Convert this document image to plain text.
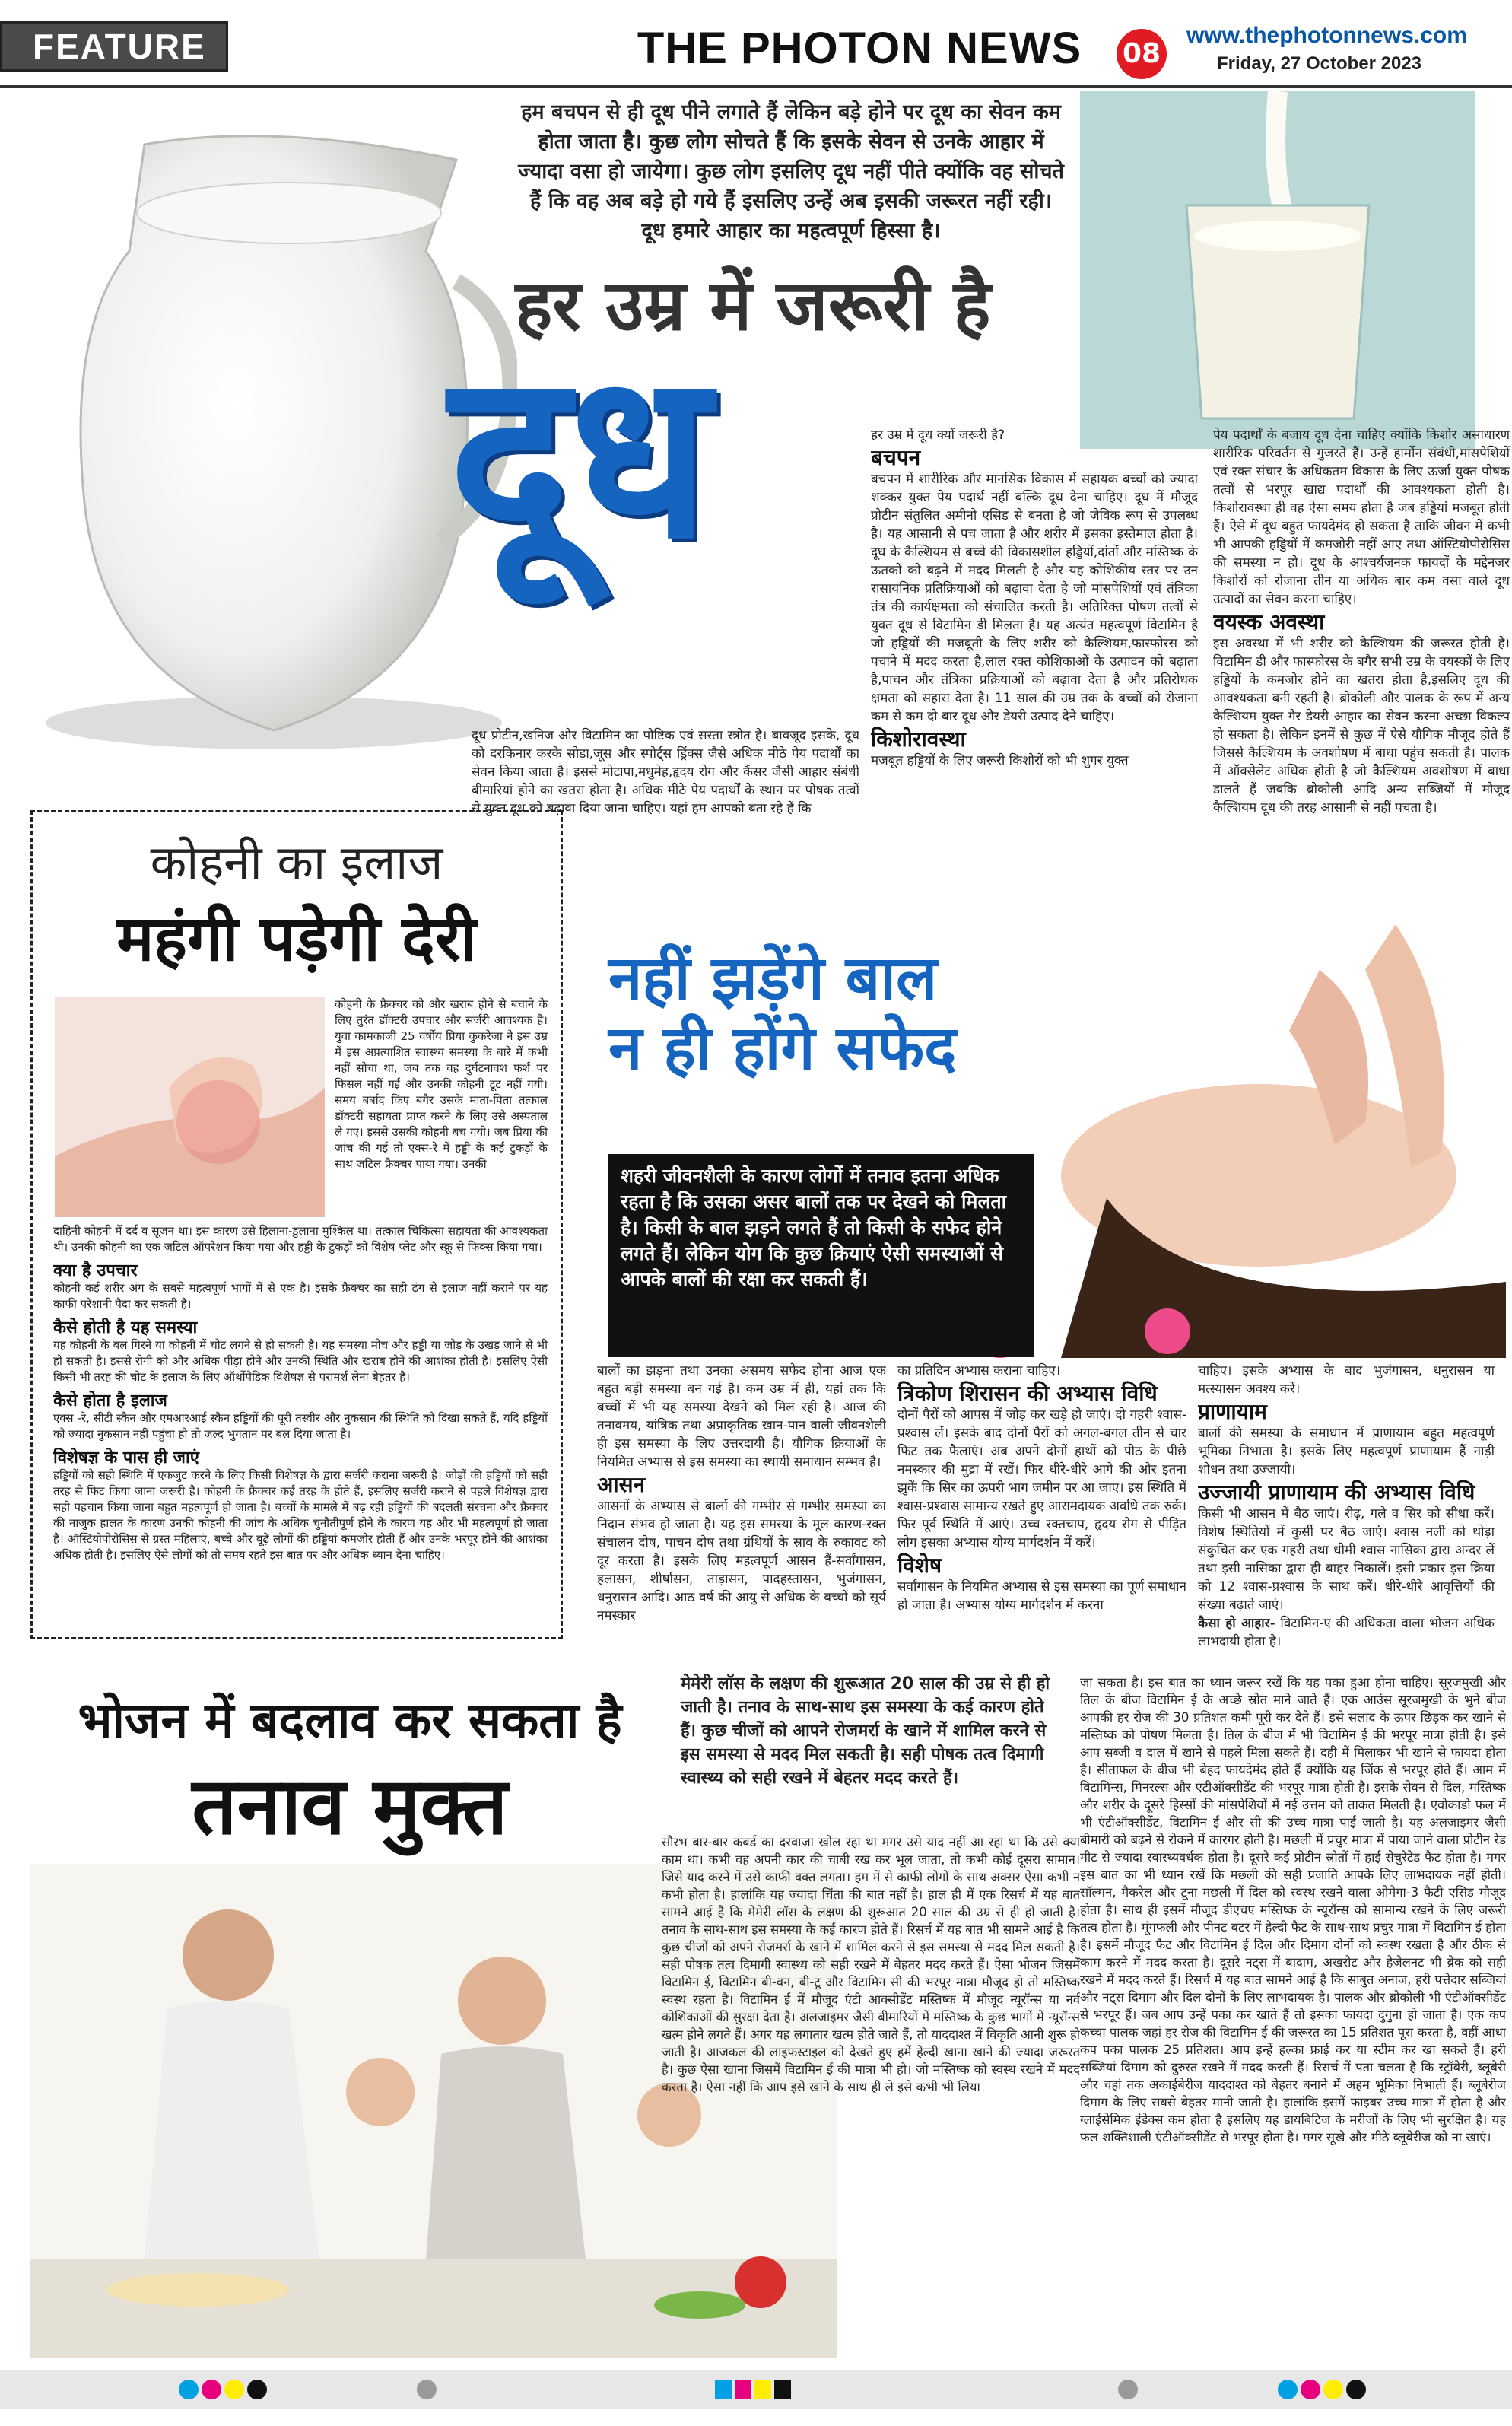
FEATURE	THE PHOTON NEWS	08
www.thephotonnews.com
Friday, 27 October 2023
हम बचपन से ही दूध पीने लगाते हैं लेकिन बड़े होने पर दूध का सेवन कम होता जाता है। कुछ लोग सोचते हैं कि इसके सेवन से उनके आहार में ज्यादा वसा हो जायेगा। कुछ लोग इसलिए दूध नहीं पीते क्योंकि वह सोचते हैं कि वह अब बड़े हो गये हैं इसलिए उन्हें अब इसकी जरूरत नहीं रही। दूध हमारे आहार का महत्वपूर्ण हिस्सा है।
हर उम्र में जरूरी है
दूध
दूध प्रोटीन,खनिज और विटामिन का पौष्टिक एवं सस्ता स्त्रोत है। बावजूद इसके, दूध को दरकिनार करके सोडा,जूस और स्पोर्ट्स ड्रिंक्स जैसे अधिक मीठे पेय पदार्थों का सेवन किया जाता है। इससे मोटापा,मधुमेह,हृदय रोग और कैंसर जैसी आहार संबंधी बीमारियां होने का खतरा होता है। अधिक मीठे पेय पदार्थों के स्थान पर पोषक तत्वों से युक्त दूध को बढ़ावा दिया जाना चाहिए। यहां हम आपको बता रहे हैं कि
हर उम्र में दूध क्यों जरूरी है?
बचपन
बचपन में शारीरिक और मानसिक विकास में सहायक बच्चों को ज्यादा शक्कर युक्त पेय पदार्थ नहीं बल्कि दूध देना चाहिए। दूध में मौजूद प्रोटीन संतुलित अमीनो एसिड से बनता है जो जैविक रूप से उपलब्ध है। यह आसानी से पच जाता है और शरीर में इसका इस्तेमाल होता है। दूध के कैल्शियम से बच्चे की विकासशील हड्डियों,दांतों और मस्तिष्क के ऊतकों को बढ़ने में मदद मिलती है और यह कोशिकीय स्तर पर उन रासायनिक प्रतिक्रियाओं को बढ़ावा देता है जो मांसपेशियों एवं तंत्रिका तंत्र की कार्यक्षमता को संचालित करती है। अतिरिक्त पोषण तत्वों से युक्त दूध से विटामिन डी मिलता है। यह अत्यंत महत्वपूर्ण विटामिन है जो हड्डियों की मजबूती के लिए शरीर को कैल्शियम,फास्फोरस को पचाने में मदद करता है,लाल रक्त कोशिकाओं के उत्पादन को बढ़ाता है,पाचन और तंत्रिका प्रक्रियाओं को बढ़ावा देता है और प्रतिरोधक क्षमता को सहारा देता है। 11 साल की उम्र तक के बच्चों को रोजाना कम से कम दो बार दूध और डेयरी उत्पाद देने चाहिए।
किशोरावस्था
मजबूत हड्डियों के लिए जरूरी किशोरों को भी शुगर युक्त
पेय पदार्थों के बजाय दूध देना चाहिए क्योंकि किशोर असाधारण शारीरिक परिवर्तन से गुजरते हैं। उन्हें हार्मोन संबंधी,मांसपेशियों एवं रक्त संचार के अधिकतम विकास के लिए ऊर्जा युक्त पोषक तत्वों से भरपूर खाद्य पदार्थों की आवश्यकता होती है। किशोरावस्था ही वह ऐसा समय होता है जब हड्डियां मजबूत होती हैं। ऐसे में दूध बहुत फायदेमंद हो सकता है ताकि जीवन में कभी भी आपकी हड्डियों में कमजोरी नहीं आए तथा ऑस्टियोपोरोसिस की समस्या न हो। दूध के आश्चर्यजनक फायदों के मद्देनजर किशोरों को रोजाना तीन या अधिक बार कम वसा वाले दूध उत्पादों का सेवन करना चाहिए।
वयस्क अवस्था
इस अवस्था में भी शरीर को कैल्शियम की जरूरत होती है। विटामिन डी और फास्फोरस के बगैर सभी उम्र के वयस्कों के लिए हड्डियों के कमजोर होने का खतरा होता है,इसलिए दूध की आवश्यकता बनी रहती है। ब्रोकोली और पालक के रूप में अन्य कैल्शियम युक्त गैर डेयरी आहार का सेवन करना अच्छा विकल्प हो सकता है। लेकिन इनमें से कुछ में ऐसे यौगिक मौजूद होते हैं जिससे कैल्शियम के अवशोषण में बाधा पहुंच सकती है। पालक में ऑक्सेलेट अधिक होती है जो कैल्शियम अवशोषण में बाधा डालते हैं जबकि ब्रोकोली आदि अन्य सब्जियों में मौजूद कैल्शियम दूध की तरह आसानी से नहीं पचता है।
कोहनी का इलाज
महंगी पड़ेगी देरी
कोहनी के फ्रैक्चर को और खराब होने से बचाने के लिए तुरंत डॉक्टरी उपचार और सर्जरी आवश्यक है। युवा कामकाजी 25 वर्षीय प्रिया कुकरेजा ने इस उम्र में इस अप्रत्याशित स्वास्थ्य समस्या के बारे में कभी नहीं सोचा था, जब तक वह दुर्घटनावश फर्श पर फिसल नहीं गई और उनकी कोहनी टूट नहीं गयी। समय बर्बाद किए बगैर उसके माता-पिता तत्काल डॉक्टरी सहायता प्राप्त करने के लिए उसे अस्पताल ले गए। इससे उसकी कोहनी बच गयी। जब प्रिया की जांच की गई तो एक्स-रे में हड्डी के कई टुकड़ों के साथ जटिल फ्रैक्चर पाया गया। उनकी
दाहिनी कोहनी में दर्द व सूजन था। इस कारण उसे हिलाना-डुलाना मुश्किल था। तत्काल चिकित्सा सहायता की आवश्यकता थी। उनकी कोहनी का एक जटिल ऑपरेशन किया गया और हड्डी के टुकड़ों को विशेष प्लेट और स्क्रू से फिक्स किया गया।
क्या है उपचार
कोहनी कई शरीर अंग के सबसे महत्वपूर्ण भागों में से एक है। इसके फ्रैक्चर का सही ढंग से इलाज नहीं कराने पर यह काफी परेशानी पैदा कर सकती है।
कैसे होती है यह समस्या
यह कोहनी के बल गिरने या कोहनी में चोट लगने से हो सकती है। यह समस्या मोच और हड्डी या जोड़ के उखड़ जाने से भी हो सकती है। इससे रोगी को और अधिक पीड़ा होने और उनकी स्थिति और खराब होने की आशंका होती है। इसलिए ऐसी किसी भी तरह की चोट के इलाज के लिए ऑर्थोपेडिक विशेषज्ञ से परामर्श लेना बेहतर है।
कैसे होता है इलाज
एक्स -रे, सीटी स्कैन और एमआरआई स्कैन हड्डियों की पूरी तस्वीर और नुकसान की स्थिति को दिखा सकते हैं, यदि हड्डियों को ज्यादा नुकसान नहीं पहुंचा हो तो जल्द भुगतान पर बल दिया जाता है।
विशेषज्ञ के पास ही जाएं
हड्डियों को सही स्थिति में एकजुट करने के लिए किसी विशेषज्ञ के द्वारा सर्जरी कराना जरूरी है। जोड़ों की हड्डियों को सही तरह से फिट किया जाना जरूरी है। कोहनी के फ्रैक्चर कई तरह के होते हैं, इसलिए सर्जरी कराने से पहले विशेषज्ञ द्वारा सही पहचान किया जाना बहुत महत्वपूर्ण हो जाता है। बच्चों के मामले में बढ़ रही हड्डियों की बदलती संरचना और फ्रैक्चर की नाजुक हालत के कारण उनकी कोहनी की जांच के अधिक चुनौतीपूर्ण होने के कारण यह और भी महत्वपूर्ण हो जाता है। ऑस्टियोपोरोसिस से ग्रस्त महिलाएं, बच्चे और बूढ़े लोगों की हड्डियां कमजोर होती हैं और उनके भरपूर होने की आशंका अधिक होती है। इसलिए ऐसे लोगों को तो समय रहते इस बात पर और अधिक ध्यान देना चाहिए।
नहीं झड़ेंगे बाल
न ही होंगे सफेद
शहरी जीवनशैली के कारण लोगों में तनाव इतना अधिक रहता है कि उसका असर बालों तक पर देखने को मिलता है। किसी के बाल झड़ने लगते हैं तो किसी के सफेद होने लगते हैं। लेकिन योग कि कुछ क्रियाएं ऐसी समस्याओं से आपके बालों की रक्षा कर सकती हैं।
बालों का झड़ना तथा उनका असमय सफेद होना आज एक बहुत बड़ी समस्या बन गई है। कम उम्र में ही, यहां तक कि बच्चों में भी यह समस्या देखने को मिल रही है। आज की तनावमय, यांत्रिक तथा अप्राकृतिक खान-पान वाली जीवनशैली ही इस समस्या के लिए उत्तरदायी है। यौगिक क्रियाओं के नियमित अभ्यास से इस समस्या का स्थायी समाधान सम्भव है।
आसन
आसनों के अभ्यास से बालों की गम्भीर से गम्भीर समस्या का निदान संभव हो जाता है। यह इस समस्या के मूल कारण-रक्त संचालन दोष, पाचन दोष तथा ग्रंथियों के स्राव के रुकावट को दूर करता है। इसके लिए महत्वपूर्ण आसन हैं-सर्वांगासन, हलासन, शीर्षासन, ताड़ासन, पादहस्तासन, भुजंगासन, धनुरासन आदि। आठ वर्ष की आयु से अधिक के बच्चों को सूर्य नमस्कार
का प्रतिदिन अभ्यास कराना चाहिए।
त्रिकोण शिरासन की अभ्यास विधि
दोनों पैरों को आपस में जोड़ कर खड़े हो जाएं। दो गहरी श्वास-प्रश्वास लें। इसके बाद दोनों पैरों को अगल-बगल तीन से चार फिट तक फैलाएं। अब अपने दोनों हाथों को पीठ के पीछे नमस्कार की मुद्रा में रखें। फिर धीरे-धीरे आगे की ओर इतना झुकें कि सिर का ऊपरी भाग जमीन पर आ जाए। इस स्थिति में श्वास-प्रश्वास सामान्य रखते हुए आरामदायक अवधि तक रुकें। फिर पूर्व स्थिति में आएं। उच्च रक्तचाप, हृदय रोग से पीड़ित लोग इसका अभ्यास योग्य मार्गदर्शन में करें।
विशेष
सर्वांगासन के नियमित अभ्यास से इस समस्या का पूर्ण समाधान हो जाता है। अभ्यास योग्य मार्गदर्शन में करना
चाहिए। इसके अभ्यास के बाद भुजंगासन, धनुरासन या मत्स्यासन अवश्य करें।
प्राणायाम
बालों की समस्या के समाधान में प्राणायाम बहुत महत्वपूर्ण भूमिका निभाता है। इसके लिए महत्वपूर्ण प्राणायाम हैं नाड़ी शोधन तथा उज्जायी।
उज्जायी प्राणायाम की अभ्यास विधि
किसी भी आसन में बैठ जाएं। रीढ़, गले व सिर को सीधा करें। विशेष स्थितियों में कुर्सी पर बैठ जाएं। श्वास नली को थोड़ा संकुचित कर एक गहरी तथा धीमी श्वास नासिका द्वारा अन्दर लें तथा इसी नासिका द्वारा ही बाहर निकालें। इसी प्रकार इस क्रिया को 12 श्वास-प्रश्वास के साथ करें। धीरे-धीरे आवृत्तियों की संख्या बढ़ाते जाएं।
कैसा हो आहार- विटामिन-ए की अधिकता वाला भोजन अधिक लाभदायी होता है।
भोजन में बदलाव कर सकता है
तनाव मुक्त
मेमेरी लॉस के लक्षण की शुरूआत 20 साल की उम्र से ही हो जाती है। तनाव के साथ-साथ इस समस्या के कई कारण होते हैं। कुछ चीजों को आपने रोजमर्रा के खाने में शामिल करने से इस समस्या से मदद मिल सकती है। सही पोषक तत्व दिमागी स्वास्थ्य को सही रखने में बेहतर मदद करते हैं।
सौरभ बार-बार कबर्ड का दरवाजा खोल रहा था मगर उसे याद नहीं आ रहा था कि उसे क्या काम था। कभी वह अपनी कार की चाबी रख कर भूल जाता, तो कभी कोई दूसरा सामान। जिसे याद करने में उसे काफी वक्त लगता। हम में से काफी लोगों के साथ अक्सर ऐसा कभी न कभी होता है। हालांकि यह ज्यादा चिंता की बात नहीं है। हाल ही में एक रिसर्च में यह बात सामने आई है कि मेमेरी लॉस के लक्षण की शुरूआत 20 साल की उम्र से ही हो जाती है। तनाव के साथ-साथ इस समस्या के कई कारण होते हैं। रिसर्च में यह बात भी सामने आई है कि कुछ चीजों को अपने रोजमर्रा के खाने में शामिल करने से इस समस्या से मदद मिल सकती है। सही पोषक तत्व दिमागी स्वास्थ्य को सही रखने में बेहतर मदद करते हैं। ऐसा भोजन जिसमें विटामिन ई, विटामिन बी-वन, बी-टू और विटामिन सी की भरपूर मात्रा मौजूद हो तो मस्तिष्क स्वस्थ रहता है। विटामिन ई में मौजूद एंटी आक्सीडेंट मस्तिष्क में मौजूद न्यूरॉन्स या नर्व कोशिकाओं की सुरक्षा देता है। अलजाइमर जैसी बीमारियों में मस्तिष्क के कुछ भागों में न्यूरॉन्स खत्म होने लगते हैं। अगर यह लगातार खत्म होते जाते हैं, तो याददाश्त में विकृति आनी शुरू हो जाती है। आजकल की लाइफस्टाइल को देखते हुए हमें हेल्दी खाना खाने की ज्यादा जरूरत है। कुछ ऐसा खाना जिसमें विटामिन ई की मात्रा भी हो। जो मस्तिष्क को स्वस्थ रखने में मदद करता है। ऐसा नहीं कि आप इसे खाने के साथ ही ले इसे कभी भी लिया
जा सकता है। इस बात का ध्यान जरूर रखें कि यह पका हुआ होना चाहिए। सूरजमुखी और तिल के बीज विटामिन ई के अच्छे स्रोत माने जाते हैं। एक आउंस सूरजमुखी के भुने बीज आपकी हर रोज की 30 प्रतिशत कमी पूरी कर देते हैं। इसे सलाद के ऊपर छिड़क कर खाने से मस्तिष्क को पोषण मिलता है। तिल के बीज में भी विटामिन ई की भरपूर मात्रा होती है। इसे आप सब्जी व दाल में खाने से पहले मिला सकते हैं। दही में मिलाकर भी खाने से फायदा होता है। सीताफल के बीज भी बेहद फायदेमंद होते हैं क्योंकि यह जिंक से भरपूर होते हैं। आम में विटामिन्स, मिनरल्स और एंटीऑक्सीडेंट की भरपूर मात्रा होती है। इसके सेवन से दिल, मस्तिष्क और शरीर के दूसरे हिस्सों की मांसपेशियों में नई उत्तम को ताकत मिलती है। एवोकाडो फल में भी एंटीऑक्सीडेंट, विटामिन ई और सी की उच्च मात्रा पाई जाती है। यह अलजाइमर जैसी बीमारी को बढ़ने से रोकने में कारगर होती है। मछली में प्रचुर मात्रा में पाया जाने वाला प्रोटीन रेड मीट से ज्यादा स्वास्थ्यवर्धक होता है। दूसरे कई प्रोटीन स्रोतों में हाई सेचुरेटेड फैट होता है। मगर इस बात का भी ध्यान रखें कि मछली की सही प्रजाति आपके लिए लाभदायक नहीं होती। सॉल्मन, मैकरेल और टूना मछली में दिल को स्वस्थ रखने वाला ओमेगा-3 फैटी एसिड मौजूद होता है। साथ ही इसमें मौजूद डीएचए मस्तिष्क के न्यूरॉन्स को सामान्य रखने के लिए जरूरी तत्व होता है। मूंगफली और पीनट बटर में हेल्दी फैट के साथ-साथ प्रचुर मात्रा में विटामिन ई होता है। इसमें मौजूद फैट और विटामिन ई दिल और दिमाग दोनों को स्वस्थ रखता है और ठीक से काम करने में मदद करता है। दूसरे नट्स में बादाम, अखरोट और हेजेलनट भी ब्रेक को सही रखने में मदद करते हैं। रिसर्च में यह बात सामने आई है कि साबुत अनाज, हरी पत्तेदार सब्जियां और नट्स दिमाग और दिल दोनों के लिए लाभदायक है। पालक और ब्रोकोली भी एंटीऑक्सीडेंट से भरपूर हैं। जब आप उन्हें पका कर खाते हैं तो इसका फायदा दुगुना हो जाता है। एक कप कच्चा पालक जहां हर रोज की विटामिन ई की जरूरत का 15 प्रतिशत पूरा करता है, वहीं आधा कप पका पालक 25 प्रतिशत। आप इन्हें हल्का फ्राई कर या स्टीम कर खा सकते हैं। हरी सब्जियां दिमाग को दुरुस्त रखने में मदद करती हैं। रिसर्च में पता चलता है कि स्ट्रॉबेरी, ब्लूबेरी और चहां तक अकाईबेरीज याददाश्त को बेहतर बनाने में अहम भूमिका निभाती हैं। ब्लूबेरीज दिमाग के लिए सबसे बेहतर मानी जाती है। हालांकि इसमें फाइबर उच्च मात्रा में होता है और ग्लाईसेमिक इंडेक्स कम होता है इसलिए यह डायबिटिज के मरीजों के लिए भी सुरक्षित है। यह फल शक्तिशाली एंटीऑक्सीडेंट से भरपूर होता है। मगर सूखे और मीठे ब्लूबेरीज को ना खाएं।
